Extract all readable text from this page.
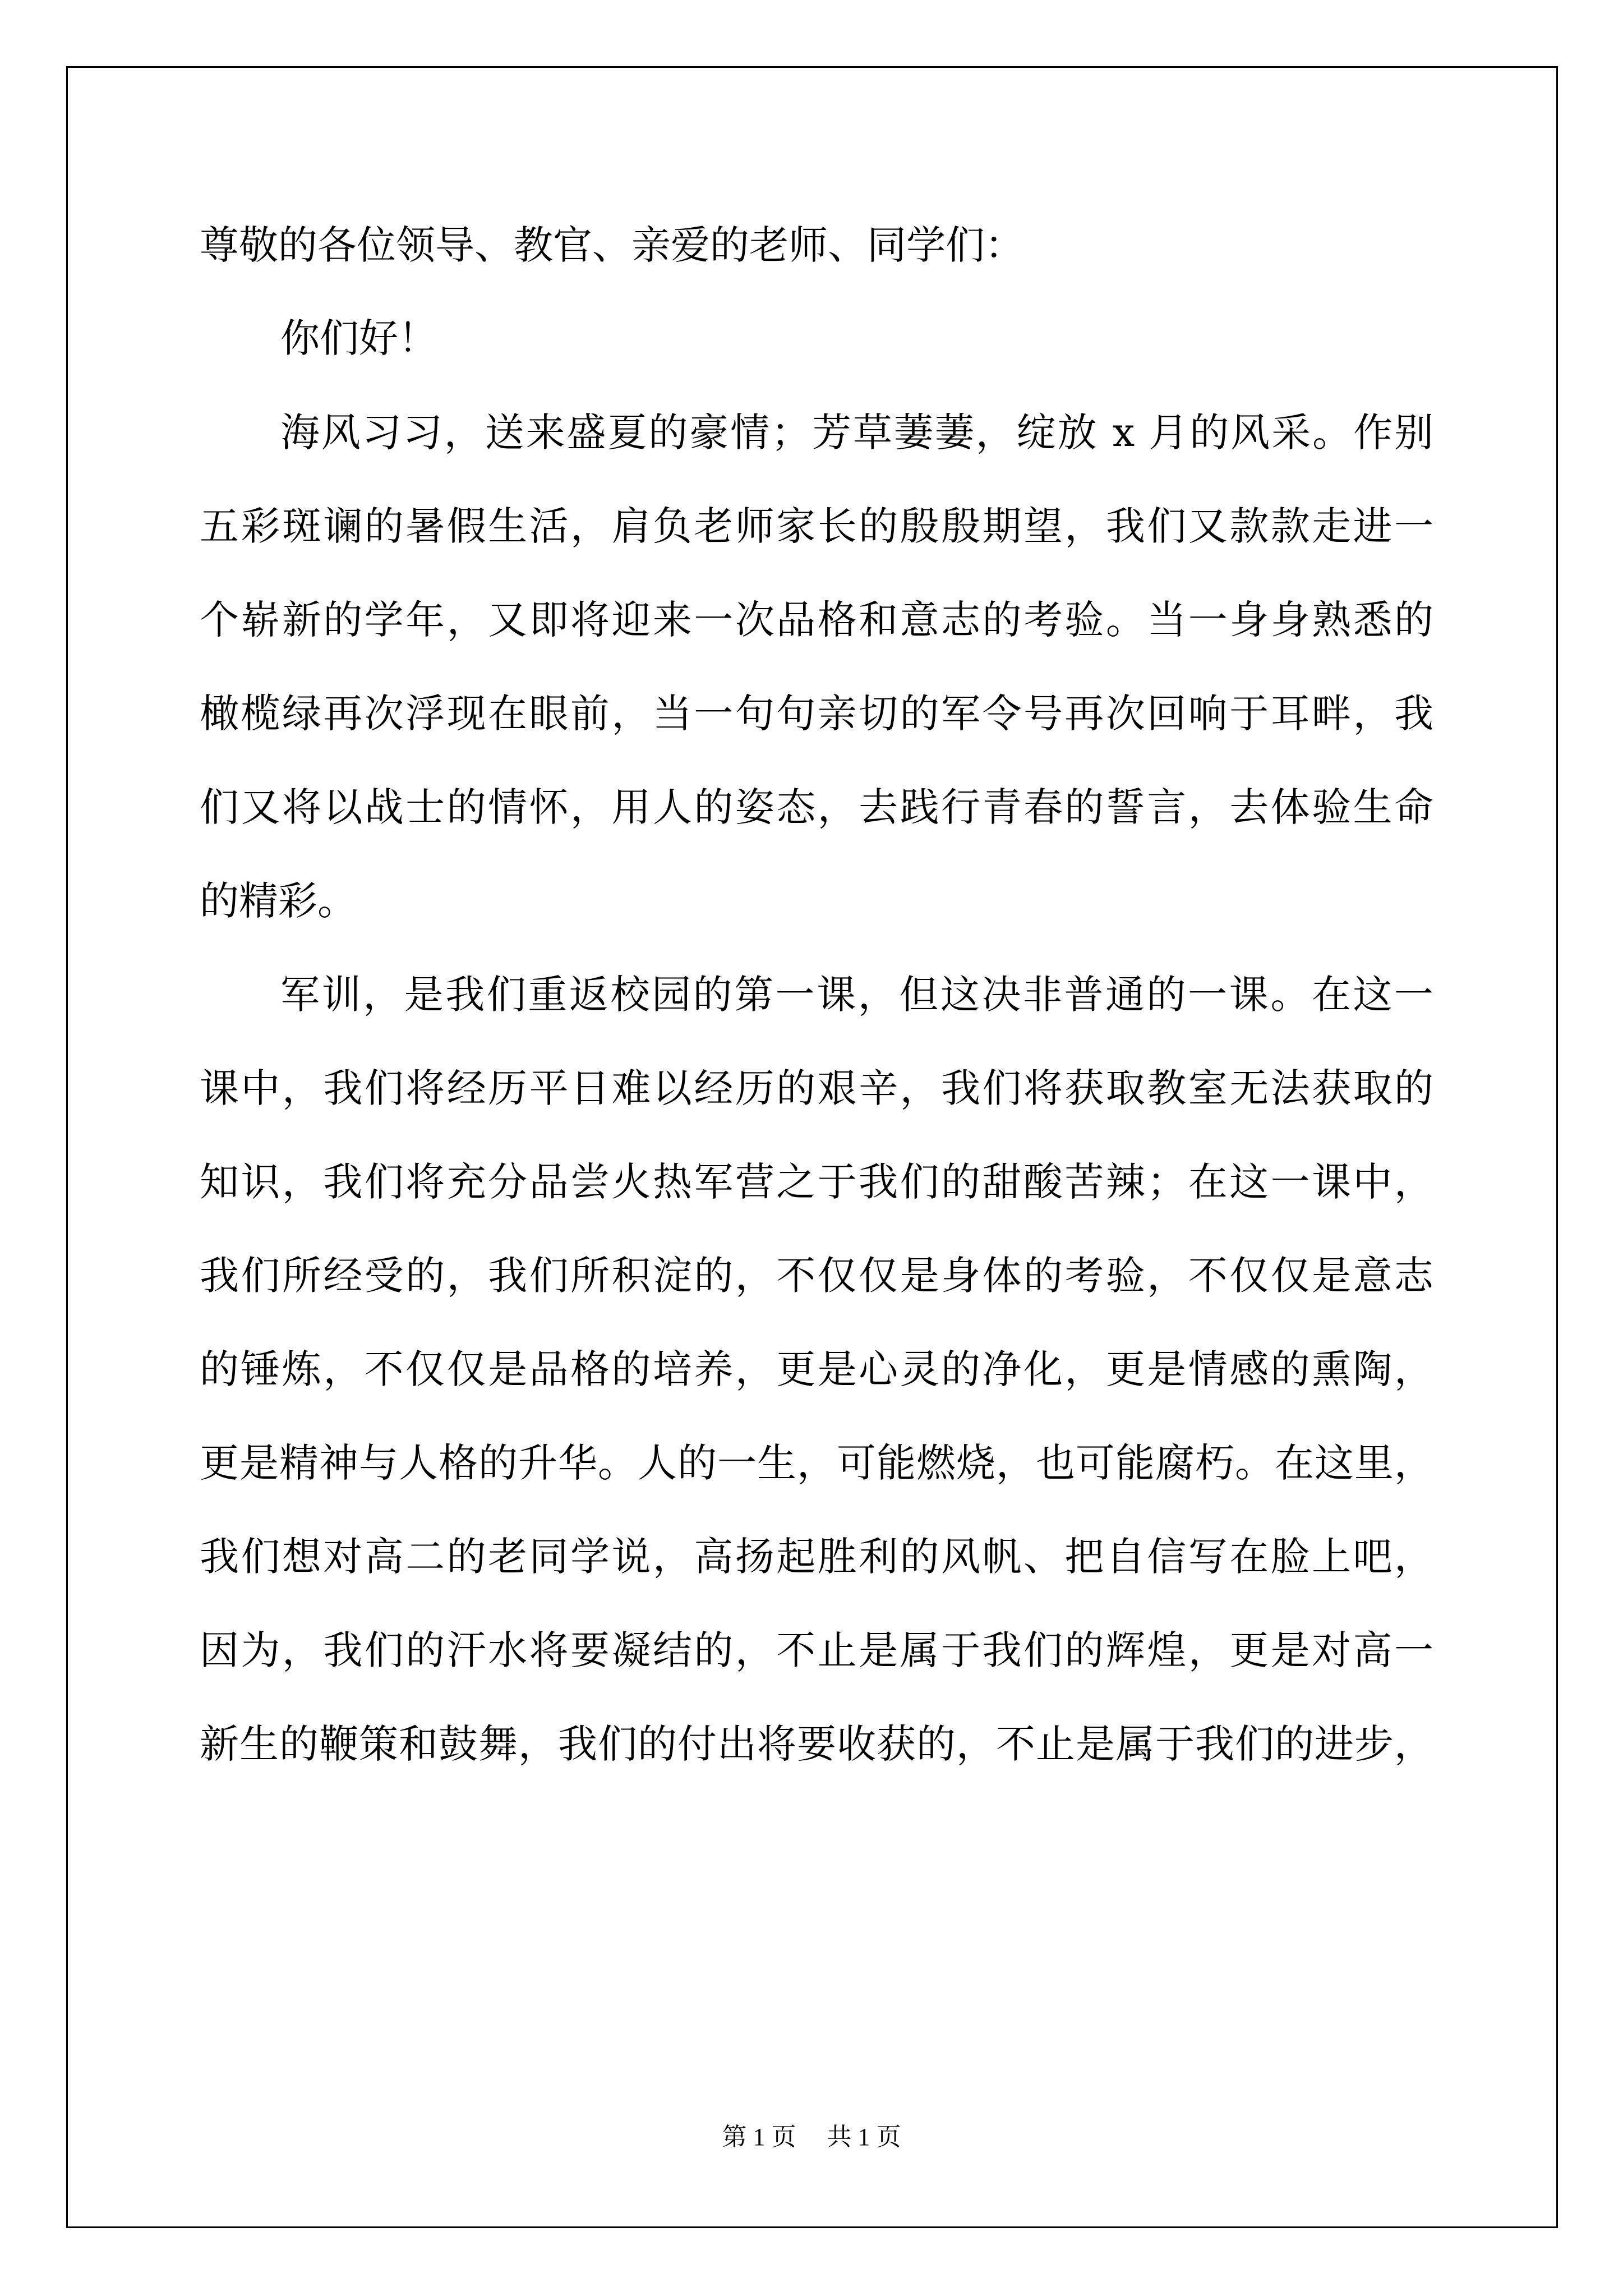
尊敬的各位领导、教官、亲爱的老师、同学们：
你们好！
海风习习，送来盛夏的豪情；芳草萋萋，绽放 x 月的风采。作别
五彩斑谰的暑假生活，肩负老师家长的殷殷期望，我们又款款走进一
个崭新的学年，又即将迎来一次品格和意志的考验。当一身身熟悉的
橄榄绿再次浮现在眼前，当一句句亲切的军令号再次回响于耳畔，我
们又将以战士的情怀，用人的姿态，去践行青春的誓言，去体验生命
的精彩。
军训，是我们重返校园的第一课，但这决非普通的一课。在这一
课中，我们将经历平日难以经历的艰辛，我们将获取教室无法获取的
知识，我们将充分品尝火热军营之于我们的甜酸苦辣；在这一课中，
我们所经受的，我们所积淀的，不仅仅是身体的考验，不仅仅是意志
的锤炼，不仅仅是品格的培养，更是心灵的净化，更是情感的熏陶，
更是精神与人格的升华。人的一生，可能燃烧，也可能腐朽。在这里，
我们想对高二的老同学说，高扬起胜利的风帆、把自信写在脸上吧，
因为，我们的汗水将要凝结的，不止是属于我们的辉煌，更是对高一
新生的鞭策和鼓舞，我们的付出将要收获的，不止是属于我们的进步，
第 1 页 共 1 页
